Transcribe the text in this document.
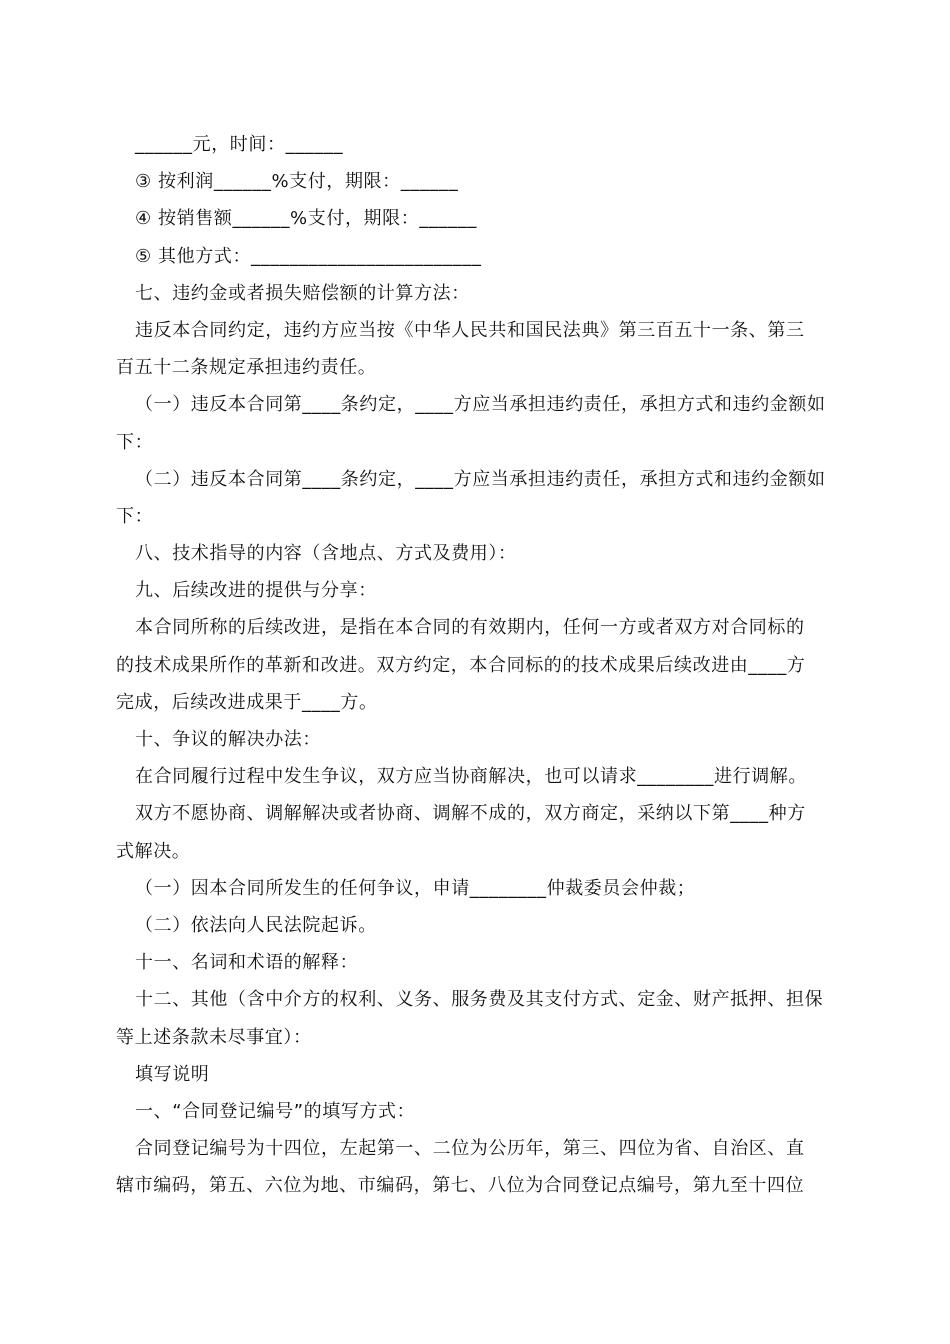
______元，时间：______
③ 按利润______%支付，期限：______
④ 按销售额______%支付，期限：______
⑤ 其他方式：________________________
七、违约金或者损失赔偿额的计算方法：
违反本合同约定，违约方应当按《中华人民共和国民法典》第三百五十一条、第三
百五十二条规定承担违约责任。
（一）违反本合同第____条约定，____方应当承担违约责任，承担方式和违约金额如
下：
（二）违反本合同第____条约定，____方应当承担违约责任，承担方式和违约金额如
下：
八、技术指导的内容（含地点、方式及费用）：
九、后续改进的提供与分享：
本合同所称的后续改进，是指在本合同的有效期内，任何一方或者双方对合同标的
的技术成果所作的革新和改进。双方约定，本合同标的的技术成果后续改进由____方
完成，后续改进成果于____方。
十、争议的解决办法：
在合同履行过程中发生争议，双方应当协商解决，也可以请求________进行调解。
双方不愿协商、调解解决或者协商、调解不成的，双方商定，采纳以下第____种方
式解决。
（一）因本合同所发生的任何争议，申请________仲裁委员会仲裁；
（二）依法向人民法院起诉。
十一、名词和术语的解释：
十二、其他（含中介方的权利、义务、服务费及其支付方式、定金、财产抵押、担保
等上述条款未尽事宜）：
填写说明
一、“合同登记编号”的填写方式：
合同登记编号为十四位，左起第一、二位为公历年，第三、四位为省、自治区、直
辖市编码，第五、六位为地、市编码，第七、八位为合同登记点编号，第九至十四位
